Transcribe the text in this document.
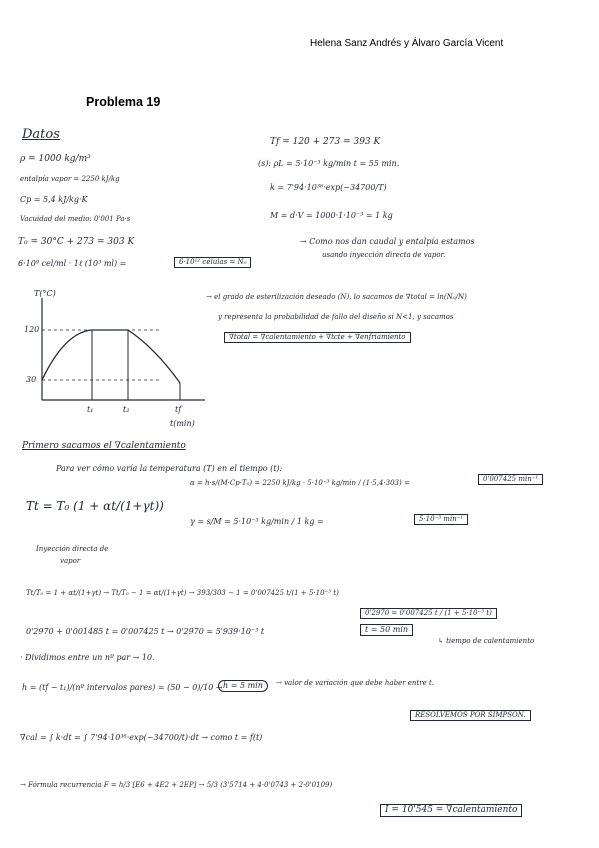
Helena Sanz Andrés y Álvaro García Vicent
Problema 19
Datos
ρ = 1000 kg/m³
entalpía vapor = 2250 kJ/kg
Cp = 5,4 kJ/kg·K
Vacuidad del medio: 0'001 Pa·s
T₀ = 30°C + 273 = 303 K
6·10⁹ cel/ml · 1ℓ (10³ ml) =	6·10¹² células = N₀
Tf = 120 + 273 = 393 K
(s): ρL = 5·10⁻³ kg/min t = 55 min.
k = 7'94·10³⁶·exp(−34700/T)
M = d·V = 1000·1·10⁻³ = 1 kg
→ Como nos dan caudal y entalpía estamos
usando inyección directa de vapor.
T(°C)
120
30
t₁	t₂	tf
t(min)
→ el grado de esterilización deseado (N), lo sacamos de ∇total = ln(N₀/N)
y representa la probabilidad de fallo del diseño si N<1, y sacamos
∇total = ∇calentamiento + ∇tcte + ∇enfriamiento
Primero sacamos el ∇calentamiento
Para ver cómo varía la temperatura (T) en el tiempo (t):
Tt = T₀ (1 + αt/(1+γt))
Inyección directa de
vapor
α = h·s/(M·Cp·T₀) = 2250 kJ/kg · 5·10⁻³ kg/min / (1·5,4·303) =	0'007425 min⁻¹
γ = s/M = 5·10⁻³ kg/min / 1 kg =	5·10⁻³ min⁻¹
Tt/T₀ = 1 + αt/(1+γt) → Tt/T₀ − 1 = αt/(1+γt) → 393/303 − 1 = 0'007425 t/(1 + 5·10⁻³ t)
0'2970 = 0'007425 t / (1 + 5·10⁻³ t)
0'2970 + 0'001485 t = 0'007425 t → 0'2970 = 5'939·10⁻³ t	t = 50 min
↳ tiempo de calentamiento
· Dividimos entre un nº par → 10.
h = (tf − t₁)/(nº intervalos pares) = (50 − 0)/10 → h = 5 min	→ valor de variación que debe haber entre t.
∇cal = ∫ k·dt = ∫ 7'94·10³⁶·exp(−34700/t)·dt → como t = f(t)
RESOLVEMOS POR SIMPSON.
→ Fórmula recurrencia F = h/3 [E6 + 4E2 + 2EP] → 5/3 (3'5714 + 4·0'0743 + 2·0'0109)
I = 10'545 = ∇calentamiento
